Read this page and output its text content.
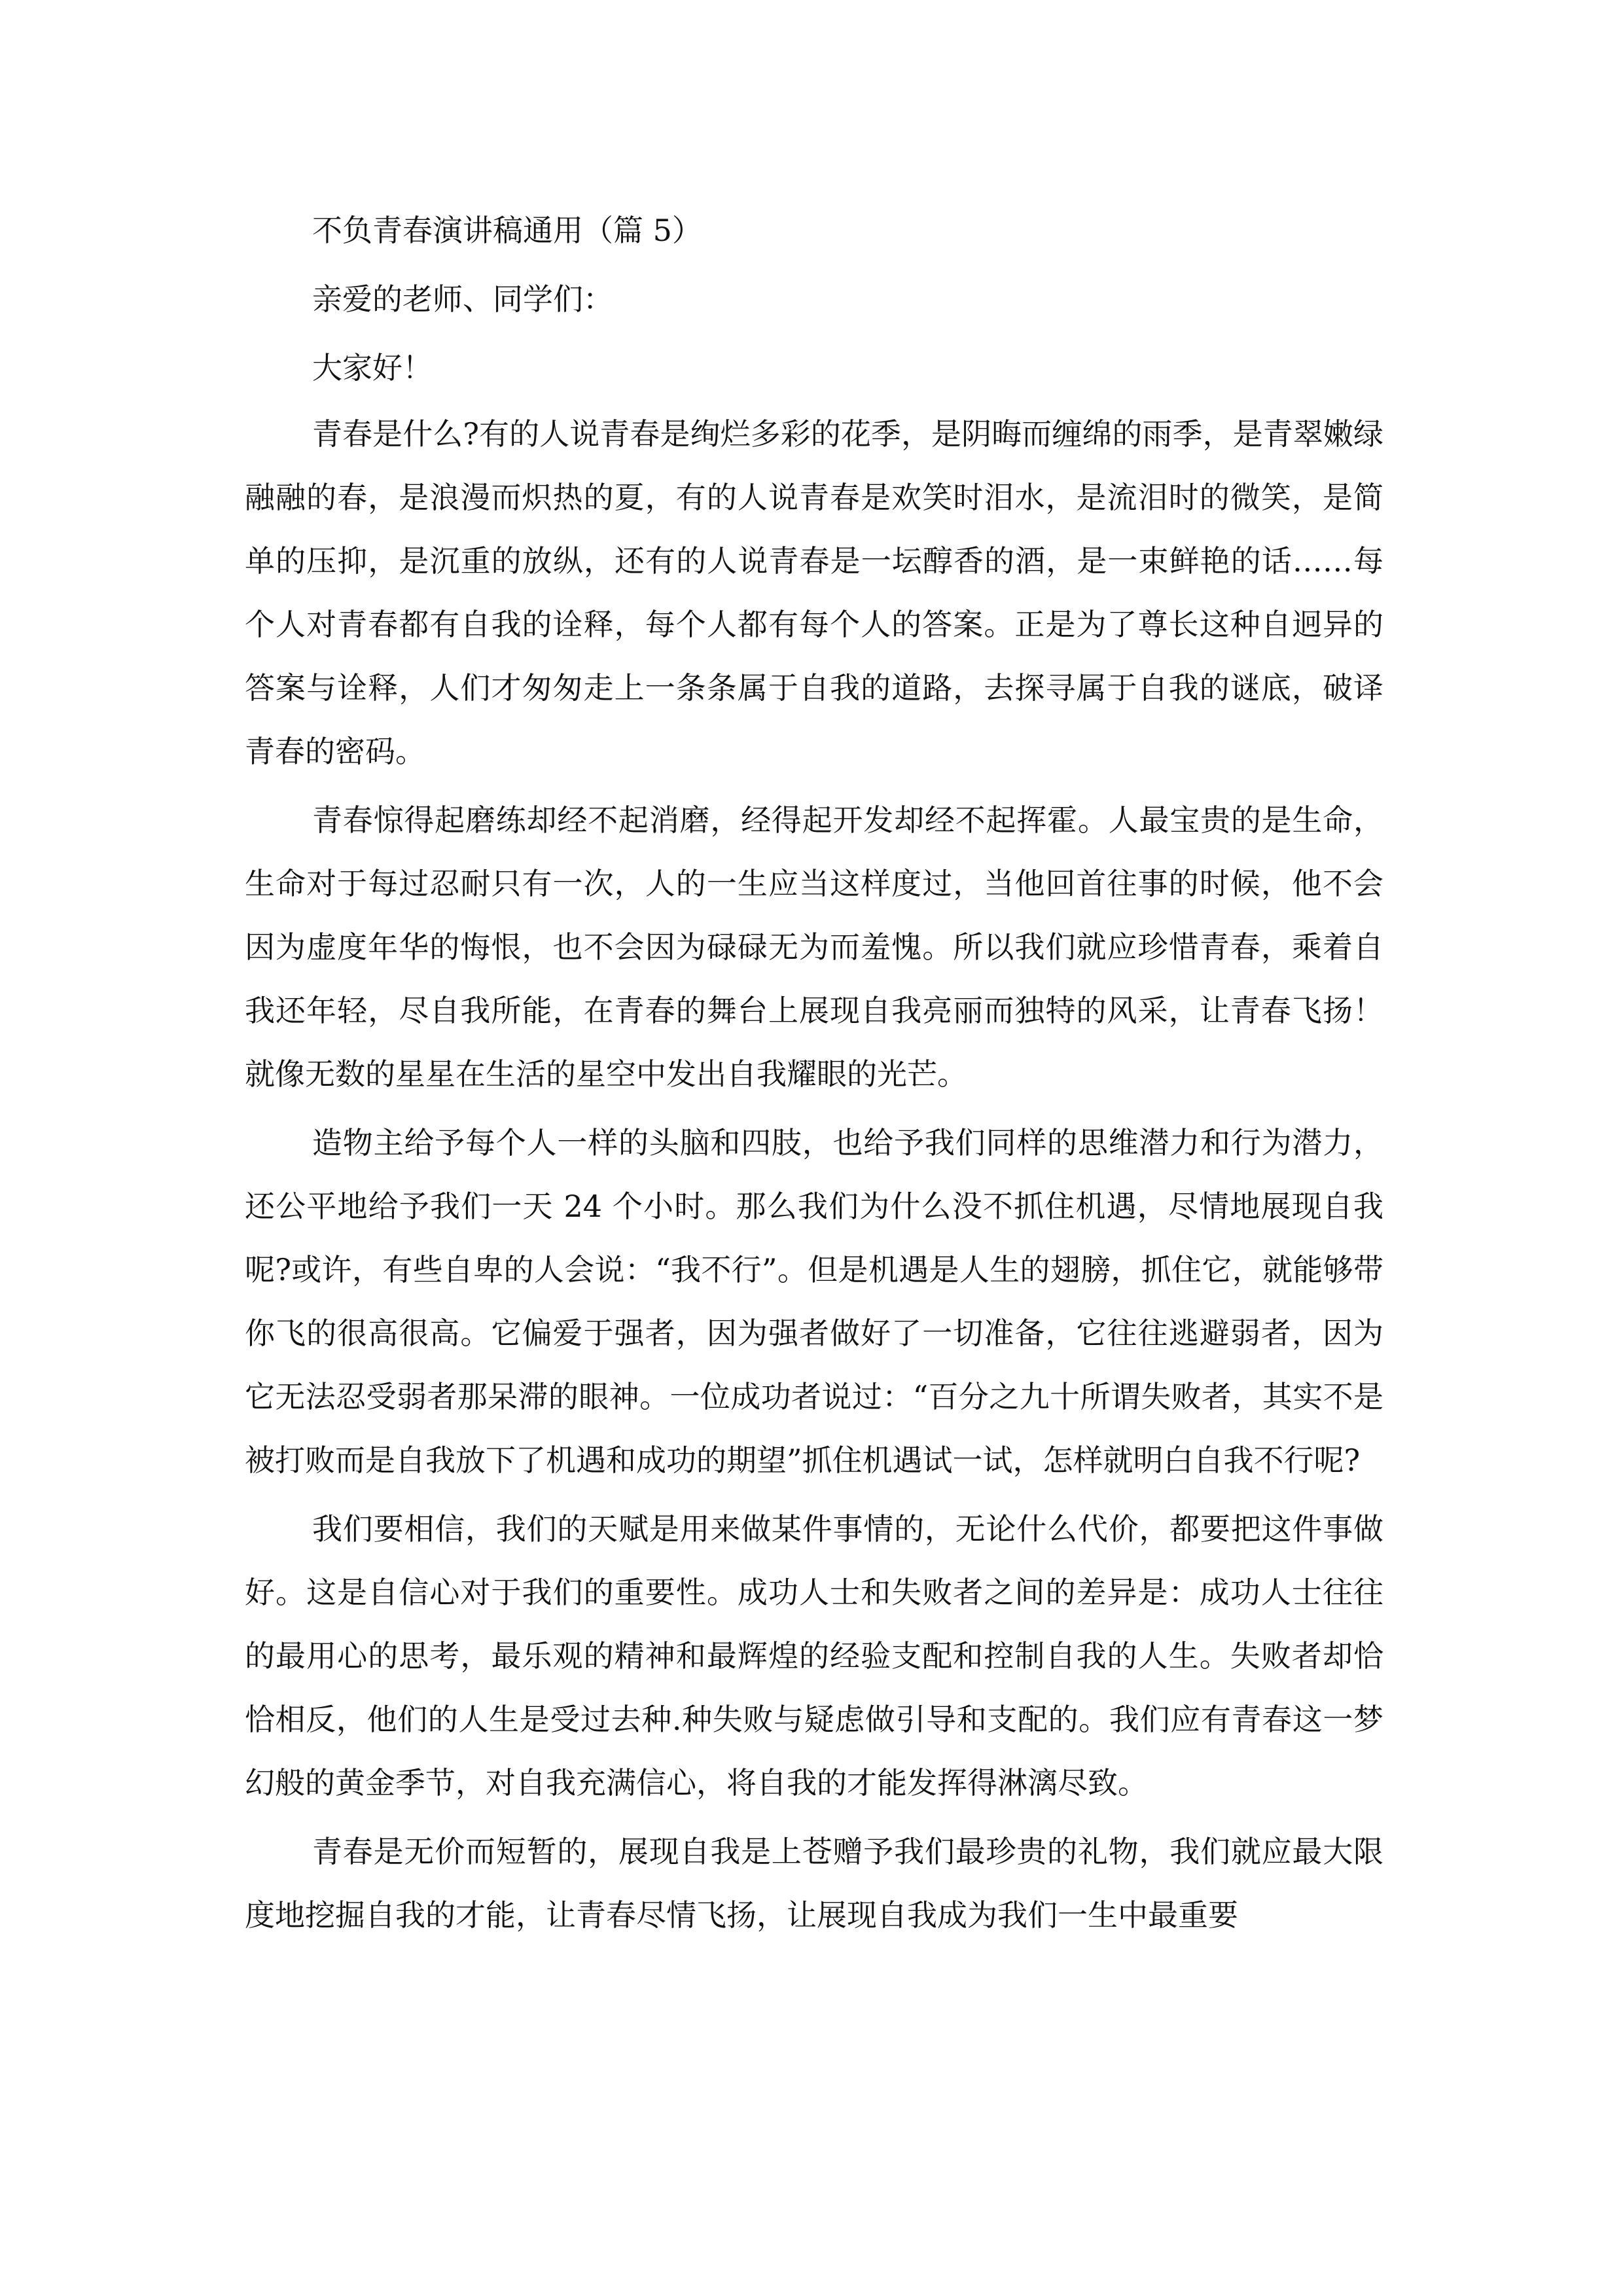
不负青春演讲稿通用（篇 5）

亲爱的老师、同学们：

大家好！

青春是什么?有的人说青春是绚烂多彩的花季，是阴晦而缠绵的雨季，是青翠嫩绿融融的春，是浪漫而炽热的夏，有的人说青春是欢笑时泪水，是流泪时的微笑，是简单的压抑，是沉重的放纵，还有的人说青春是一坛醇香的酒，是一束鲜艳的话……每个人对青春都有自我的诠释，每个人都有每个人的答案。正是为了尊长这种自迥异的答案与诠释，人们才匆匆走上一条条属于自我的道路，去探寻属于自我的谜底，破译青春的密码。

青春惊得起磨练却经不起消磨，经得起开发却经不起挥霍。人最宝贵的是生命，生命对于每过忍耐只有一次，人的一生应当这样度过，当他回首往事的时候，他不会因为虚度年华的悔恨，也不会因为碌碌无为而羞愧。所以我们就应珍惜青春，乘着自我还年轻，尽自我所能，在青春的舞台上展现自我亮丽而独特的风采，让青春飞扬！就像无数的星星在生活的星空中发出自我耀眼的光芒。

造物主给予每个人一样的头脑和四肢，也给予我们同样的思维潜力和行为潜力，还公平地给予我们一天 24 个小时。那么我们为什么没不抓住机遇，尽情地展现自我呢?或许，有些自卑的人会说：“我不行”。但是机遇是人生的翅膀，抓住它，就能够带你飞的很高很高。它偏爱于强者，因为强者做好了一切准备，它往往逃避弱者，因为它无法忍受弱者那呆滞的眼神。一位成功者说过：“百分之九十所谓失败者，其实不是被打败而是自我放下了机遇和成功的期望”抓住机遇试一试，怎样就明白自我不行呢?

我们要相信，我们的天赋是用来做某件事情的，无论什么代价，都要把这件事做好。这是自信心对于我们的重要性。成功人士和失败者之间的差异是：成功人士往往的最用心的思考，最乐观的精神和最辉煌的经验支配和控制自我的人生。失败者却恰恰相反，他们的人生是受过去种.种失败与疑虑做引导和支配的。我们应有青春这一梦幻般的黄金季节，对自我充满信心，将自我的才能发挥得淋漓尽致。

青春是无价而短暂的，展现自我是上苍赠予我们最珍贵的礼物，我们就应最大限度地挖掘自我的才能，让青春尽情飞扬，让展现自我成为我们一生中最重要
